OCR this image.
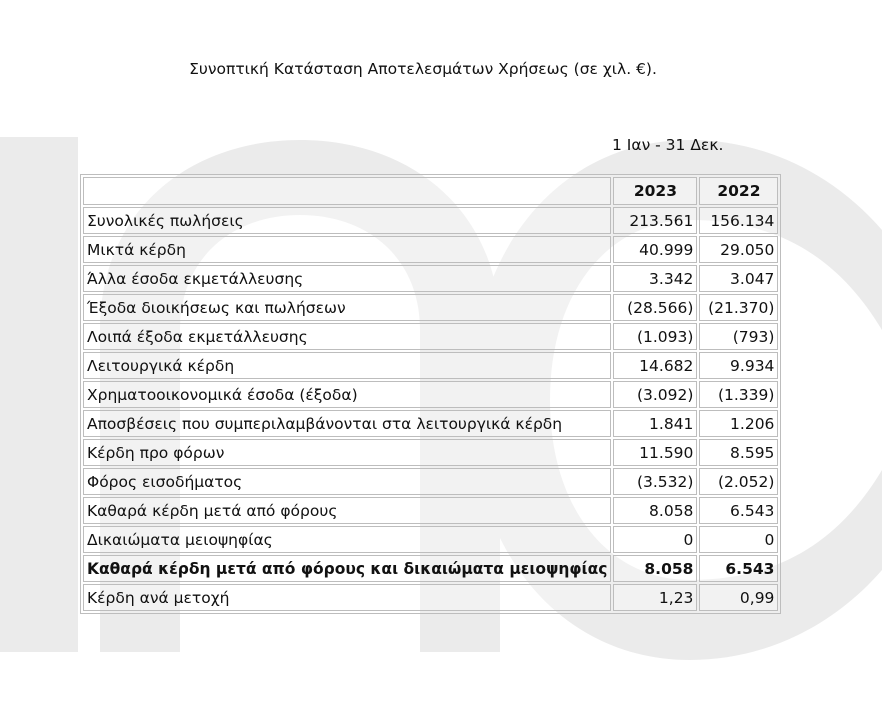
Συνοπτική Κατάσταση Αποτελεσμάτων Χρήσεως (σε χιλ. €).
1 Ιαν - 31 Δεκ.
	2023	2022
Συνολικές πωλήσεις	213.561	156.134
Μικτά κέρδη	40.999	29.050
Άλλα έσοδα εκμετάλλευσης	3.342	3.047
Έξοδα διοικήσεως και πωλήσεων	(28.566)	(21.370)
Λοιπά έξοδα εκμετάλλευσης	(1.093)	(793)
Λειτουργικά κέρδη	14.682	9.934
Χρηματοοικονομικά έσοδα (έξοδα)	(3.092)	(1.339)
Αποσβέσεις που συμπεριλαμβάνονται στα λειτουργικά κέρδη	1.841	1.206
Κέρδη προ φόρων	11.590	8.595
Φόρος εισοδήματος	(3.532)	(2.052)
Καθαρά κέρδη μετά από φόρους	8.058	6.543
Δικαιώματα μειοψηφίας	0	0
Καθαρά κέρδη μετά από φόρους και δικαιώματα μειοψηφίας	8.058	6.543
Κέρδη ανά μετοχή	1,23	0,99
